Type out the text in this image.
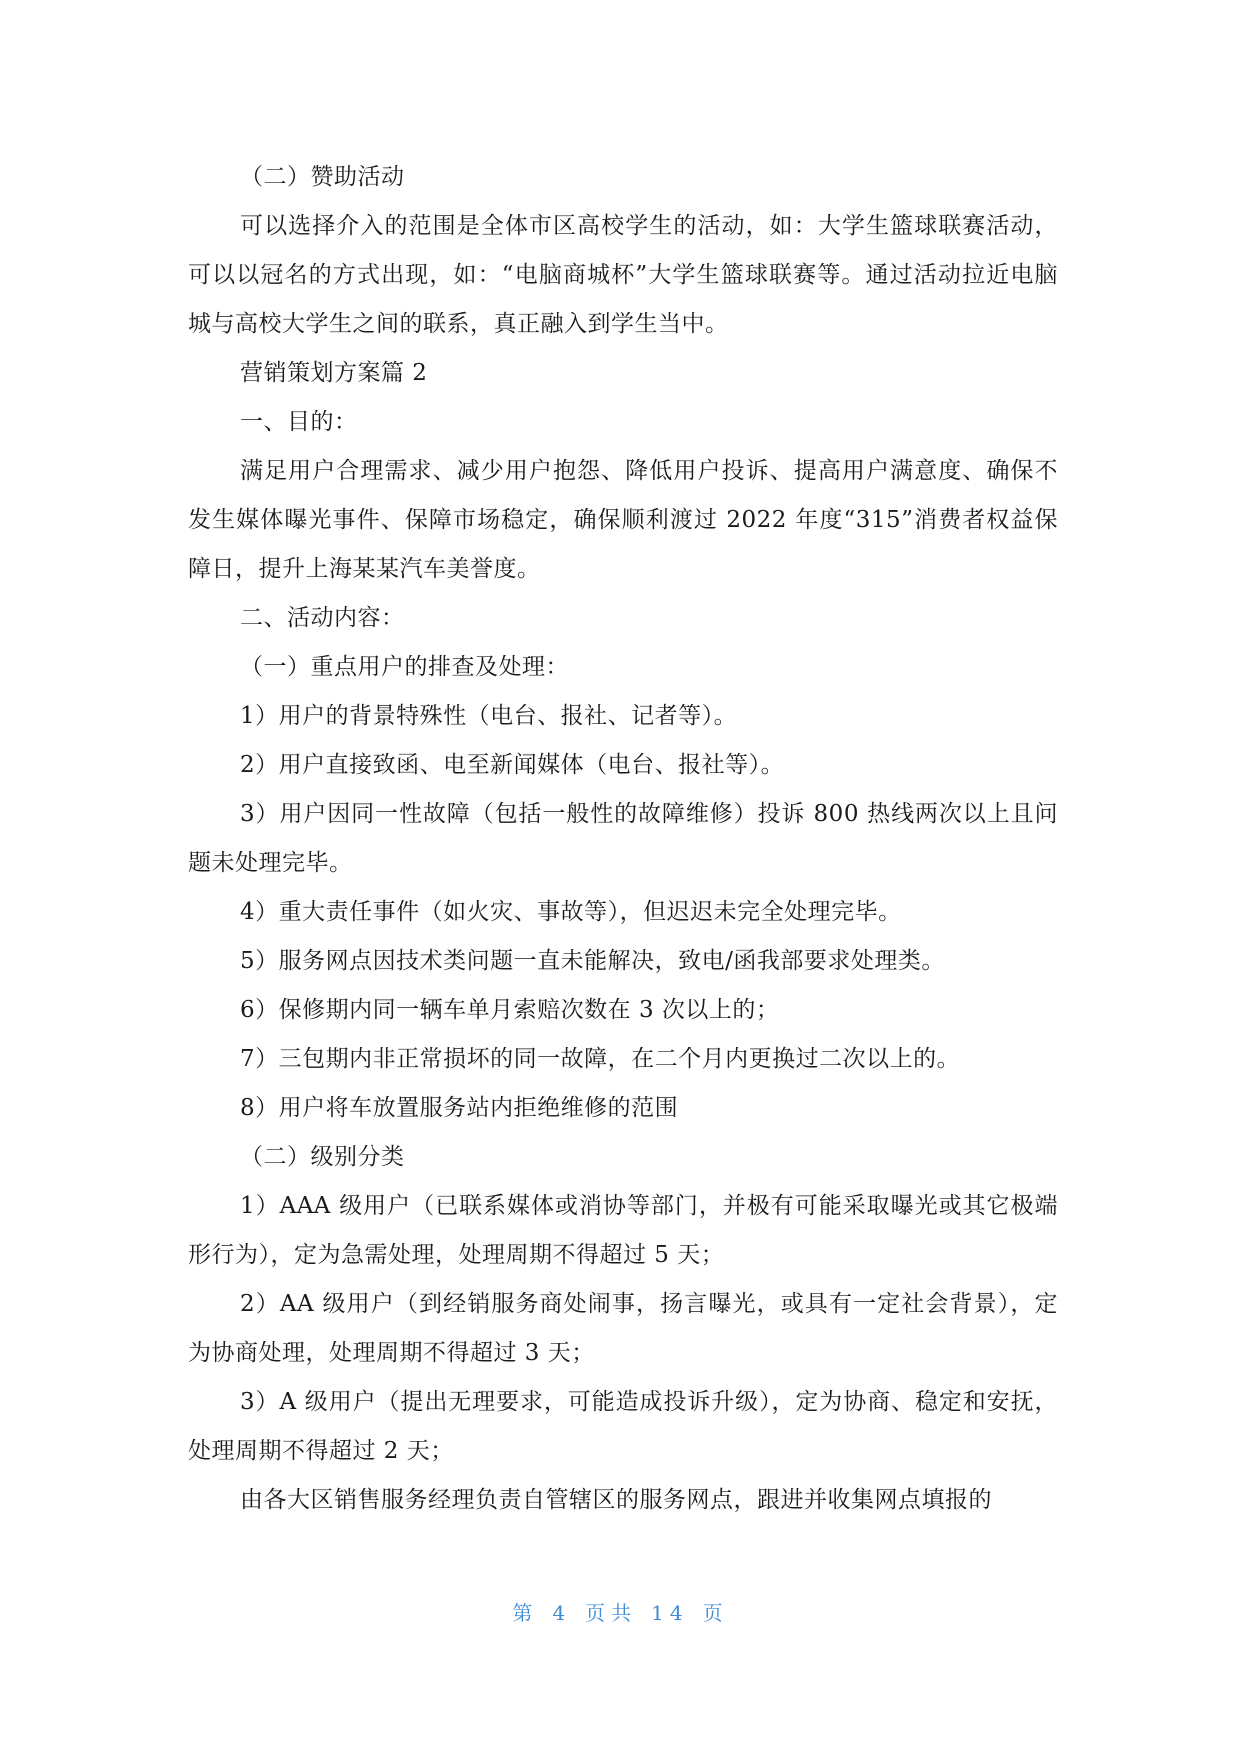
（二）赞助活动

可以选择介入的范围是全体市区高校学生的活动，如：大学生篮球联赛活动，可以以冠名的方式出现，如：“电脑商城杯”大学生篮球联赛等。通过活动拉近电脑城与高校大学生之间的联系，真正融入到学生当中。

营销策划方案篇 2

一、目的：

满足用户合理需求、减少用户抱怨、降低用户投诉、提高用户满意度、确保不发生媒体曝光事件、保障市场稳定，确保顺利渡过 2022 年度“315”消费者权益保障日，提升上海某某汽车美誉度。

二、活动内容：

（一）重点用户的排查及处理：

1）用户的背景特殊性（电台、报社、记者等）。

2）用户直接致函、电至新闻媒体（电台、报社等）。

3）用户因同一性故障（包括一般性的故障维修）投诉 800 热线两次以上且问题未处理完毕。

4）重大责任事件（如火灾、事故等），但迟迟未完全处理完毕。

5）服务网点因技术类问题一直未能解决，致电/函我部要求处理类。

6）保修期内同一辆车单月索赔次数在 3 次以上的；

7）三包期内非正常损坏的同一故障，在二个月内更换过二次以上的。

8）用户将车放置服务站内拒绝维修的范围

（二）级别分类

1）AAA 级用户（已联系媒体或消协等部门，并极有可能采取曝光或其它极端形行为），定为急需处理，处理周期不得超过 5 天；

2）AA 级用户（到经销服务商处闹事，扬言曝光，或具有一定社会背景），定为协商处理，处理周期不得超过 3 天；

3）A 级用户（提出无理要求，可能造成投诉升级），定为协商、稳定和安抚，处理周期不得超过 2 天；

由各大区销售服务经理负责自管辖区的服务网点，跟进并收集网点填报的

第 4 页共 14 页
